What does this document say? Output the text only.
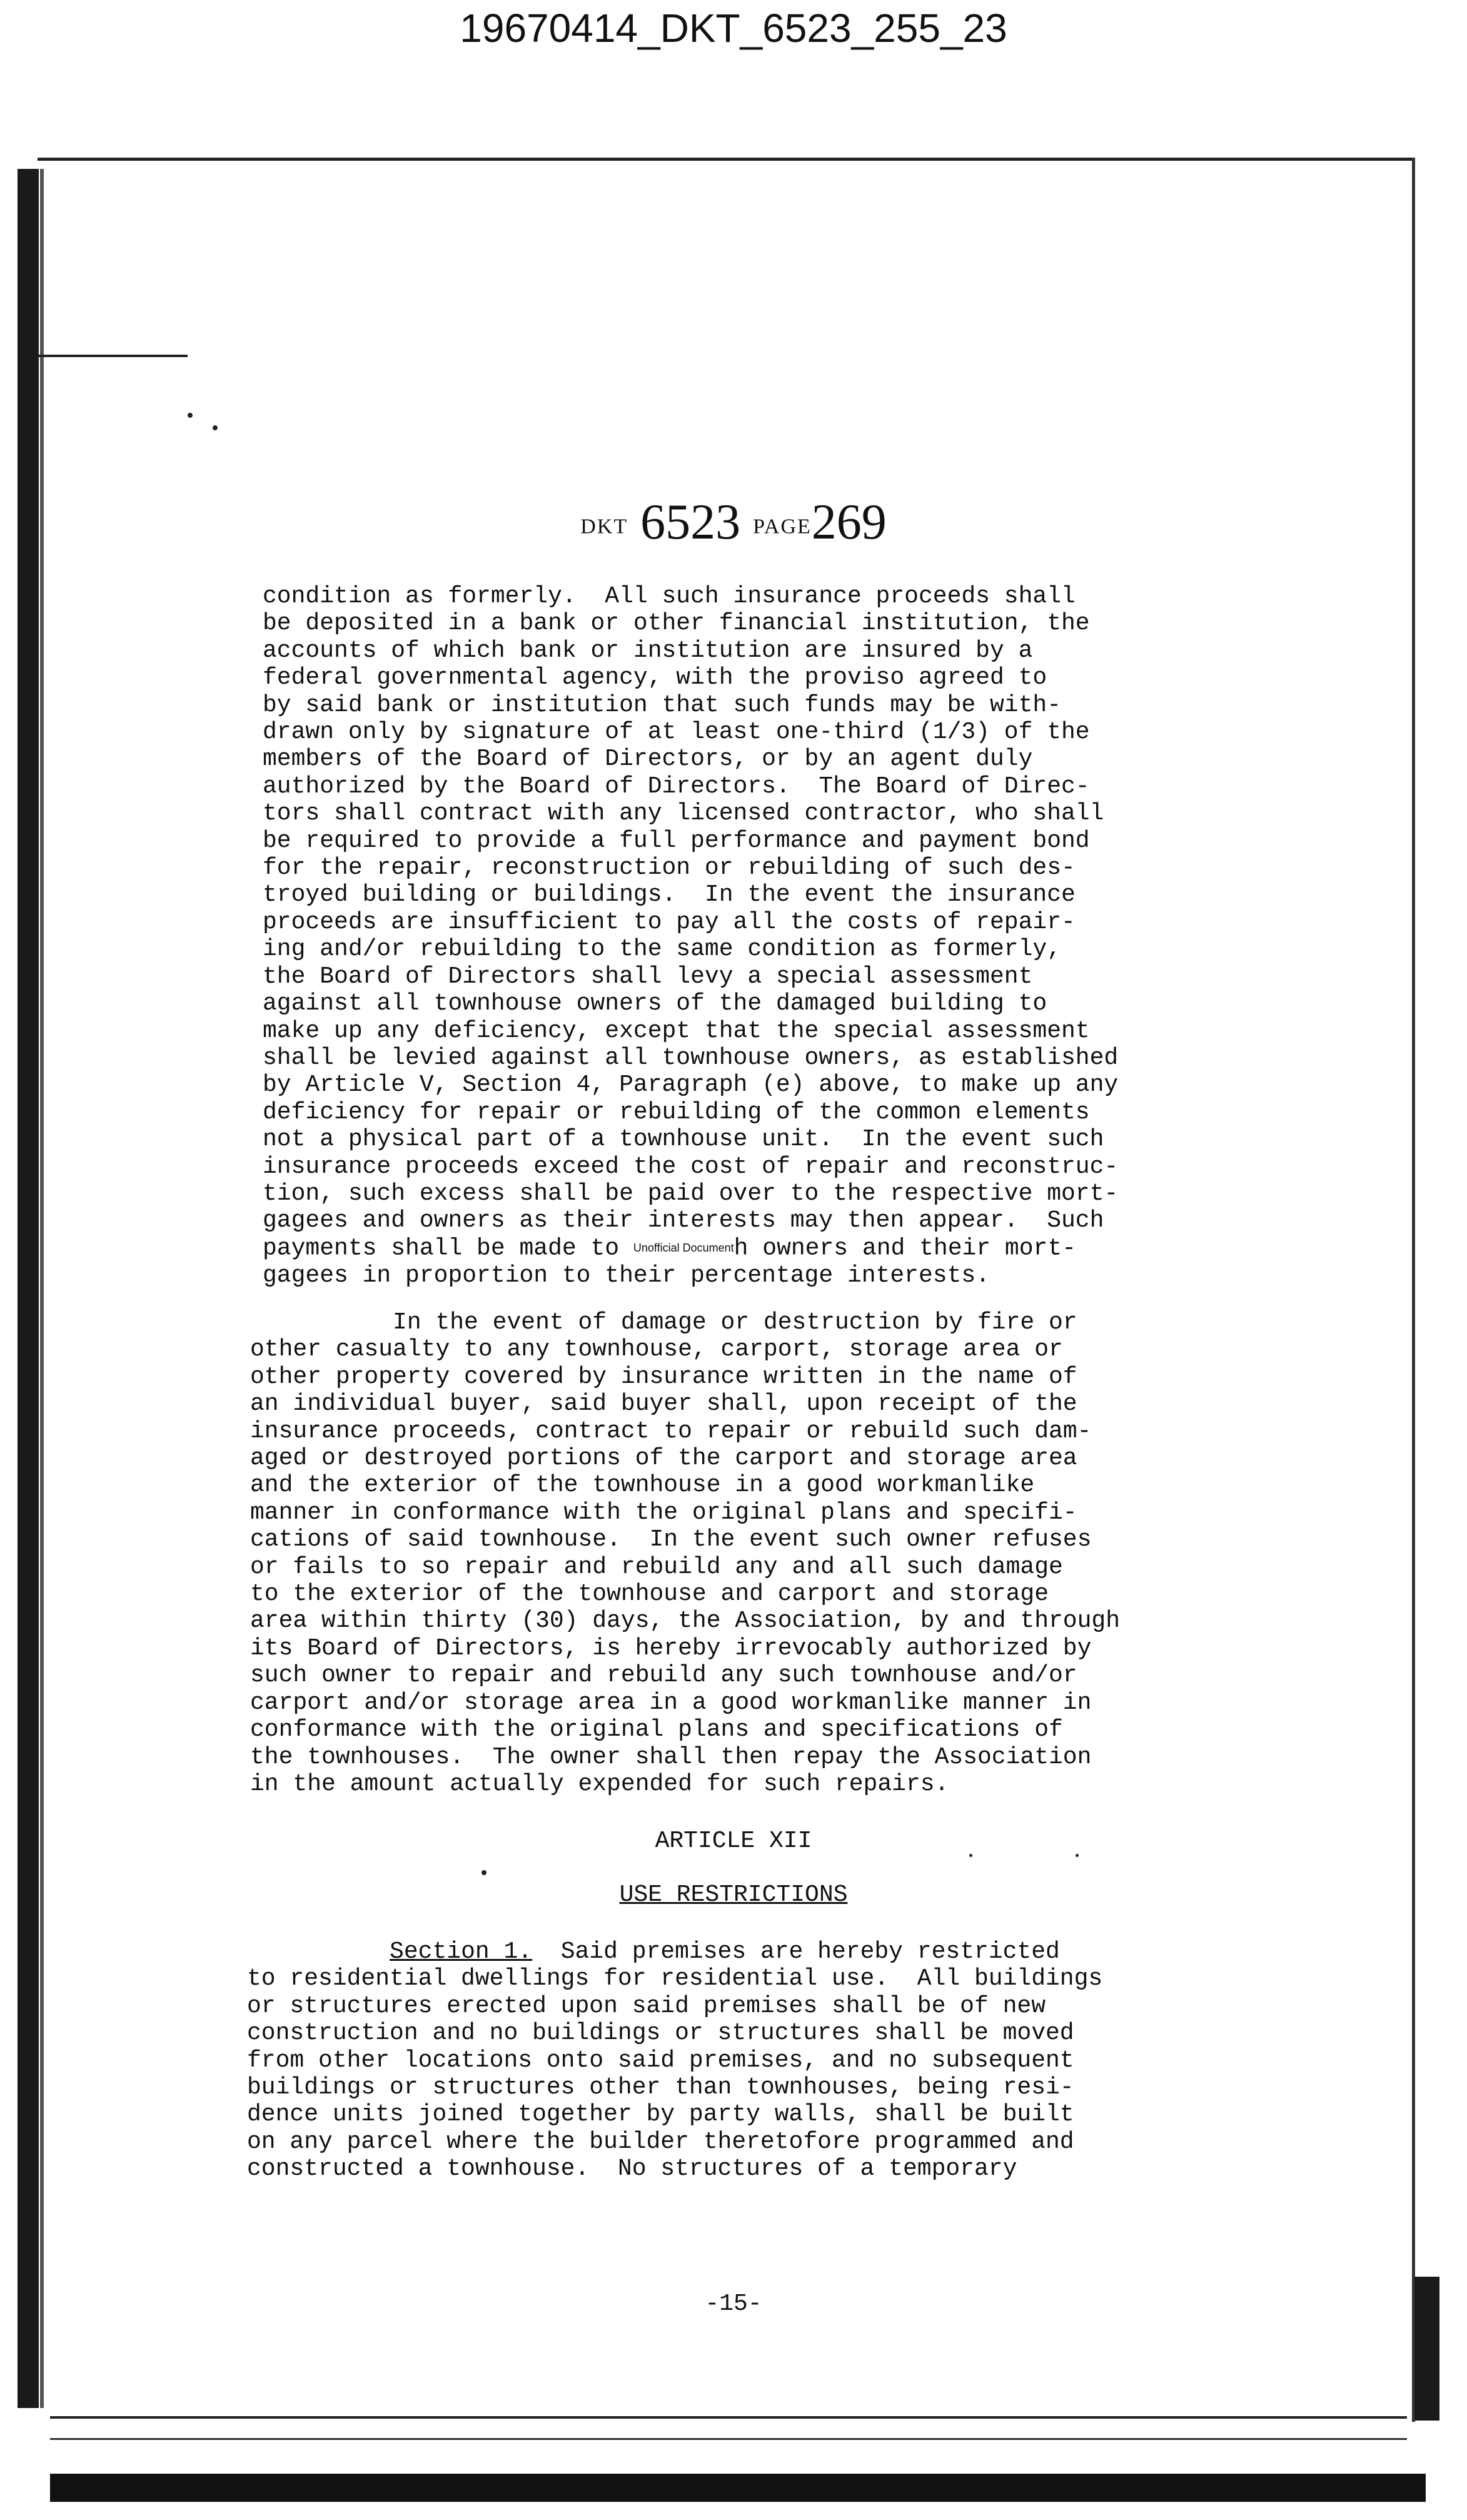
19670414_DKT_6523_255_23
DKT 6523 PAGE269
condition as formerly.  All such insurance proceeds shall
be deposited in a bank or other financial institution, the
accounts of which bank or institution are insured by a
federal governmental agency, with the proviso agreed to
by said bank or institution that such funds may be with-
drawn only by signature of at least one-third (1/3) of the
members of the Board of Directors, or by an agent duly
authorized by the Board of Directors.  The Board of Direc-
tors shall contract with any licensed contractor, who shall
be required to provide a full performance and payment bond
for the repair, reconstruction or rebuilding of such des-
troyed building or buildings.  In the event the insurance
proceeds are insufficient to pay all the costs of repair-
ing and/or rebuilding to the same condition as formerly,
the Board of Directors shall levy a special assessment
against all townhouse owners of the damaged building to
make up any deficiency, except that the special assessment
shall be levied against all townhouse owners, as established
by Article V, Section 4, Paragraph (e) above, to make up any
deficiency for repair or rebuilding of the common elements
not a physical part of a townhouse unit.  In the event such
insurance proceeds exceed the cost of repair and reconstruc-
tion, such excess shall be paid over to the respective mort-
gagees and owners as their interests may then appear.  Such
payments shall be made to Unofficial Documenth owners and their mort-
gagees in proportion to their percentage interests.
In the event of damage or destruction by fire or
other casualty to any townhouse, carport, storage area or
other property covered by insurance written in the name of
an individual buyer, said buyer shall, upon receipt of the
insurance proceeds, contract to repair or rebuild such dam-
aged or destroyed portions of the carport and storage area
and the exterior of the townhouse in a good workmanlike
manner in conformance with the original plans and specifi-
cations of said townhouse.  In the event such owner refuses
or fails to so repair and rebuild any and all such damage
to the exterior of the townhouse and carport and storage
area within thirty (30) days, the Association, by and through
its Board of Directors, is hereby irrevocably authorized by
such owner to repair and rebuild any such townhouse and/or
carport and/or storage area in a good workmanlike manner in
conformance with the original plans and specifications of
the townhouses.  The owner shall then repay the Association
in the amount actually expended for such repairs.
ARTICLE XII
USE RESTRICTIONS
Section 1.  Said premises are hereby restricted
to residential dwellings for residential use.  All buildings
or structures erected upon said premises shall be of new
construction and no buildings or structures shall be moved
from other locations onto said premises, and no subsequent
buildings or structures other than townhouses, being resi-
dence units joined together by party walls, shall be built
on any parcel where the builder theretofore programmed and
constructed a townhouse.  No structures of a temporary
-15-
